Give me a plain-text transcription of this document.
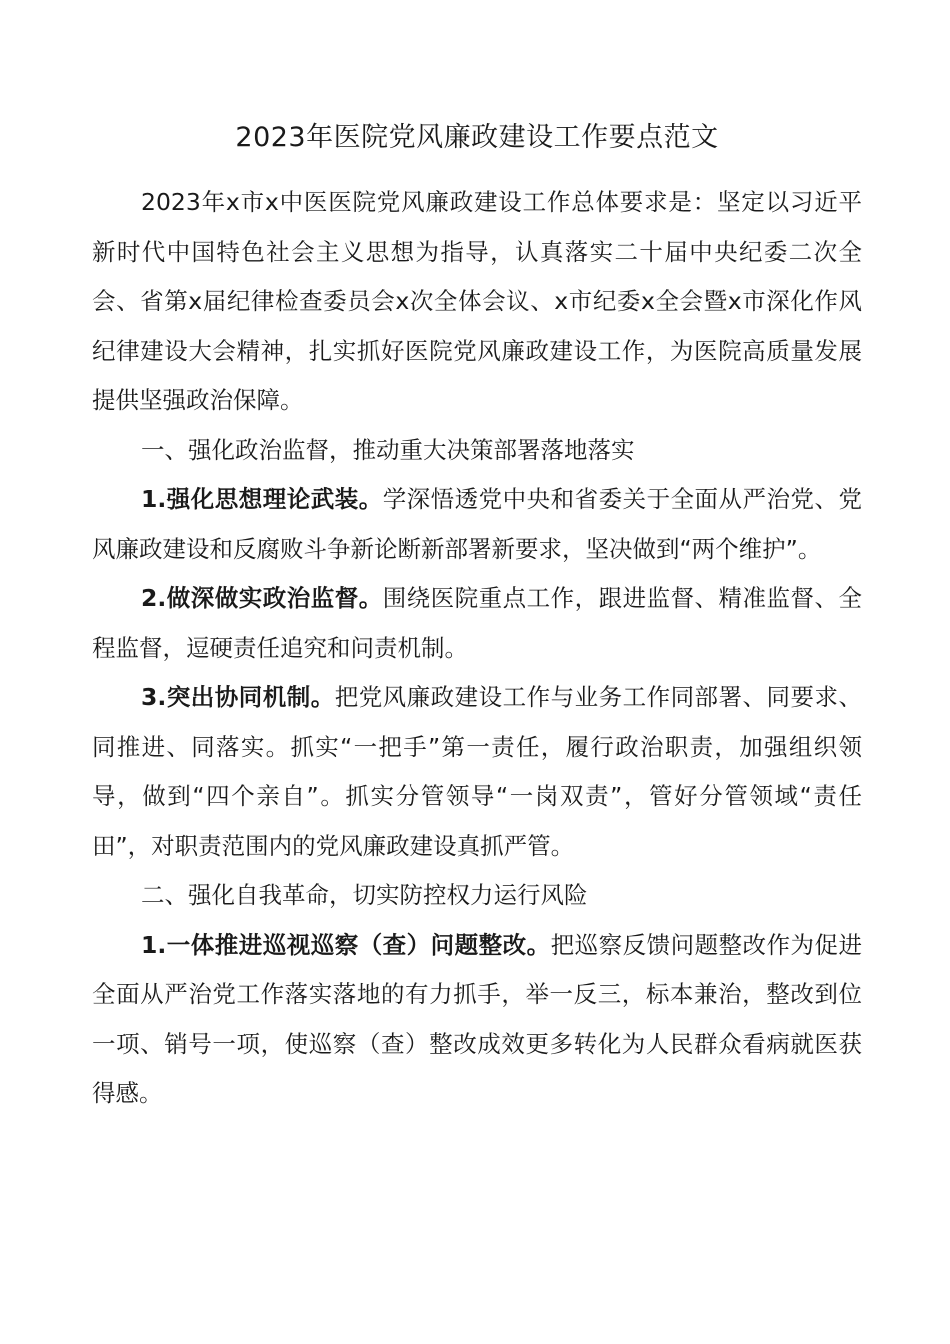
2023年医院党风廉政建设工作要点范文

2023年x市x中医医院党风廉政建设工作总体要求是：坚定以习近平新时代中国特色社会主义思想为指导，认真落实二十届中央纪委二次全会、省第x届纪律检查委员会x次全体会议、x市纪委x全会暨x市深化作风纪律建设大会精神，扎实抓好医院党风廉政建设工作，为医院高质量发展提供坚强政治保障。

一、强化政治监督，推动重大决策部署落地落实

1.强化思想理论武装。学深悟透党中央和省委关于全面从严治党、党风廉政建设和反腐败斗争新论断新部署新要求，坚决做到“两个维护”。

2.做深做实政治监督。围绕医院重点工作，跟进监督、精准监督、全程监督，逗硬责任追究和问责机制。

3.突出协同机制。把党风廉政建设工作与业务工作同部署、同要求、同推进、同落实。抓实“一把手”第一责任，履行政治职责，加强组织领导，做到“四个亲自”。抓实分管领导“一岗双责”，管好分管领域“责任田”，对职责范围内的党风廉政建设真抓严管。

二、强化自我革命，切实防控权力运行风险

1.一体推进巡视巡察（查）问题整改。把巡察反馈问题整改作为促进全面从严治党工作落实落地的有力抓手，举一反三，标本兼治，整改到位一项、销号一项，使巡察（查）整改成效更多转化为人民群众看病就医获得感。
